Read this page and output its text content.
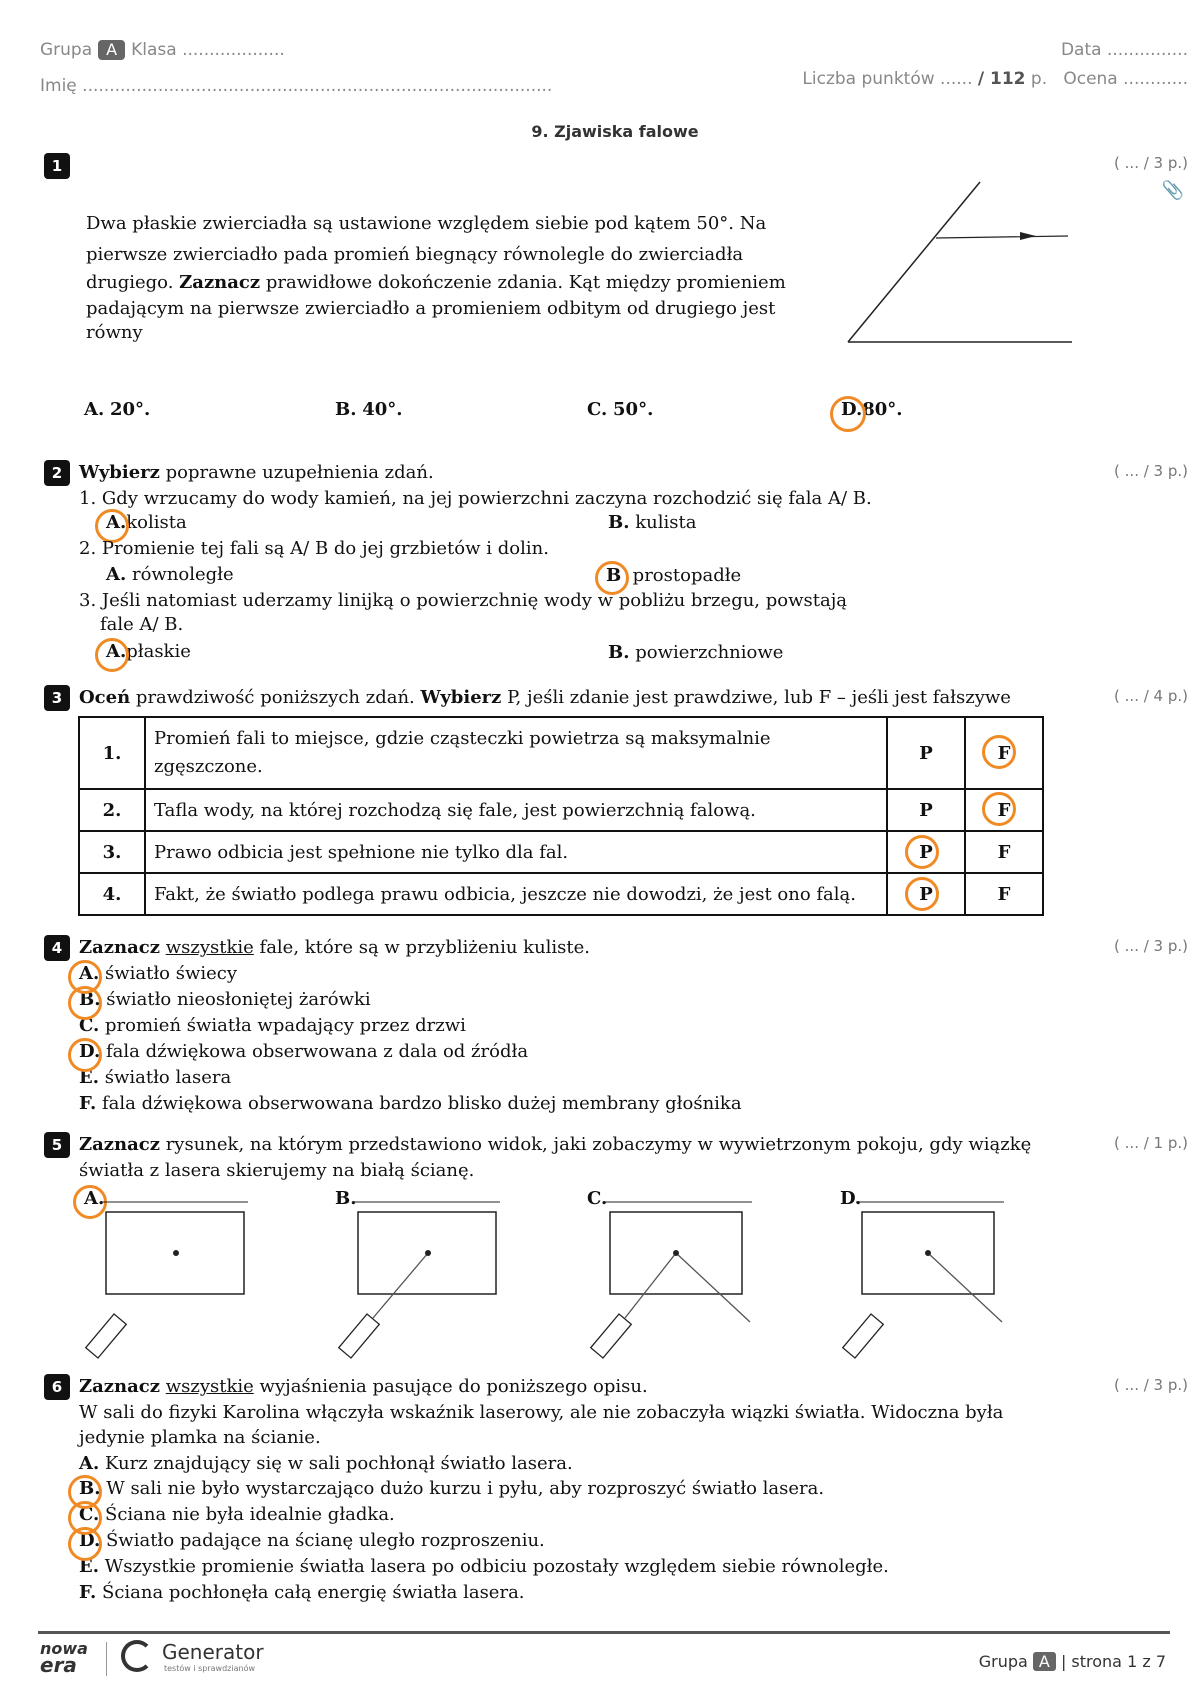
Grupa A Klasa ...................
Imię .......................................................................................
Data ...............
Liczba punktów ...... / 112 p. Ocena ............
9. Zjawiska falowe
1	( ... / 3 p.)
📎
Dwa płaskie zwierciadła są ustawione względem siebie pod kątem 50°. Na
pierwsze zwierciadło pada promień biegnący równolegle do zwierciadła
drugiego. Zaznacz prawidłowe dokończenie zdania. Kąt między promieniem
padającym na pierwsze zwierciadło a promieniem odbitym od drugiego jest
równy
A. 20°.	B. 40°.	C. 50°.	D.80°.
2	( ... / 3 p.)
Wybierz poprawne uzupełnienia zdań.
1. Gdy wrzucamy do wody kamień, na jej powierzchni zaczyna rozchodzić się fala A/ B.
A.kolista	B. kulista
2. Promienie tej fali są A/ B do jej grzbietów i dolin.
A. równoległe	B prostopadłe
3. Jeśli natomiast uderzamy linijką o powierzchnię wody w pobliżu brzegu, powstają
fale A/ B.
A.płaskie	B. powierzchniowe
3	( ... / 4 p.)
Oceń prawdziwość poniższych zdań. Wybierz P, jeśli zdanie jest prawdziwe, lub F – jeśli jest fałszywe
1.	Promień fali to miejsce, gdzie cząsteczki powietrza są maksymalnie zgęszczone.	P	F
2.	Tafla wody, na której rozchodzą się fale, jest powierzchnią falową.	P	F
3.	Prawo odbicia jest spełnione nie tylko dla fal.	P	F
4.	Fakt, że światło podlega prawu odbicia, jeszcze nie dowodzi, że jest ono falą.	P	F
4	( ... / 3 p.)
Zaznacz wszystkie fale, które są w przybliżeniu kuliste.
A. światło świecy
B. światło nieosłoniętej żarówki
C. promień światła wpadający przez drzwi
D. fala dźwiękowa obserwowana z dala od źródła
E. światło lasera
F. fala dźwiękowa obserwowana bardzo blisko dużej membrany głośnika
5	( ... / 1 p.)
Zaznacz rysunek, na którym przedstawiono widok, jaki zobaczymy w wywietrzonym pokoju, gdy wiązkę
światła z lasera skierujemy na białą ścianę.
A.	B.	C.	D.
6	( ... / 3 p.)
Zaznacz wszystkie wyjaśnienia pasujące do poniższego opisu.
W sali do fizyki Karolina włączyła wskaźnik laserowy, ale nie zobaczyła wiązki światła. Widoczna była
jedynie plamka na ścianie.
A. Kurz znajdujący się w sali pochłonął światło lasera.
B. W sali nie było wystarczająco dużo kurzu i pyłu, aby rozproszyć światło lasera.
C. Ściana nie była idealnie gładka.
D. Światło padające na ścianę uległo rozproszeniu.
E. Wszystkie promienie światła lasera po odbiciu pozostały względem siebie równoległe.
F. Ściana pochłonęła całą energię światła lasera.
nowa
era
Generator
testów i sprawdzianów	Grupa A | strona 1 z 7
